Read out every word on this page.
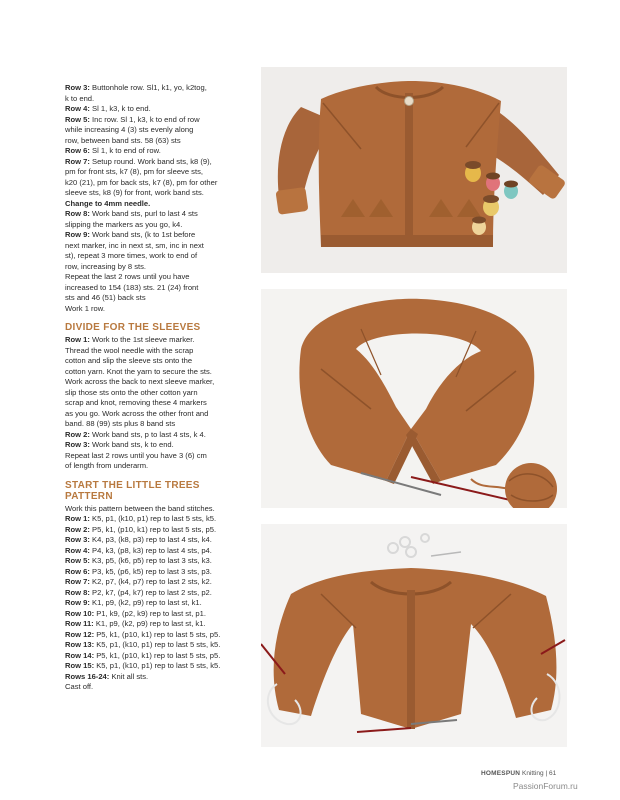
Row 3: Buttonhole row. Sl1, k1, yo, k2tog,
k to end.
Row 4: Sl 1, k3, k to end.
Row 5: Inc row. Sl 1, k3, k to end of row
while increasing 4 (3) sts evenly along
row, between band sts. 58 (63) sts
Row 6: Sl 1, k to end of row.
Row 7: Setup round. Work band sts, k8 (9),
pm for front sts, k7 (8), pm for sleeve sts,
k20 (21), pm for back sts, k7 (8), pm for other
sleeve sts, k8 (9) for front, work band sts.
Change to 4mm needle.
Row 8: Work band sts, purl to last 4 sts
slipping the markers as you go, k4.
Row 9: Work band sts, (k to 1st before
next marker, inc in next st, sm, inc in next
st), repeat 3 more times, work to end of
row, increasing by 8 sts.
Repeat the last 2 rows until you have
increased to 154 (183) sts. 21 (24) front
sts and 46 (51) back sts
Work 1 row.
DIVIDE FOR THE SLEEVES
Row 1: Work to the 1st sleeve marker.
Thread the wool needle with the scrap
cotton and slip the sleeve sts onto the
cotton yarn. Knot the yarn to secure the sts.
Work across the back to next sleeve marker,
slip those sts onto the other cotton yarn
scrap and knot, removing these 4 markers
as you go. Work across the other front and
band. 88 (99) sts plus 8 band sts
Row 2: Work band sts, p to last 4 sts, k 4.
Row 3: Work band sts, k to end.
Repeat last 2 rows until you have 3 (6) cm
of length from underarm.
START THE LITTLE TREES
PATTERN
Work this pattern between the band stitches.
Row 1: K5, p1, (k10, p1) rep to last 5 sts, k5.
Row 2: P5, k1, (p10, k1) rep to last 5 sts, p5.
Row 3: K4, p3, (k8, p3) rep to last 4 sts, k4.
Row 4: P4, k3, (p8, k3) rep to last 4 sts, p4.
Row 5: K3, p5, (k6, p5) rep to last 3 sts, k3.
Row 6: P3, k5, (p6, k5) rep to last 3 sts, p3.
Row 7: K2, p7, (k4, p7) rep to last 2 sts, k2.
Row 8: P2, k7, (p4, k7) rep to last 2 sts, p2.
Row 9: K1, p9, (k2, p9) rep to last st, k1.
Row 10: P1, k9, (p2, k9) rep to last st, p1.
Row 11: K1, p9, (k2, p9) rep to last st, k1.
Row 12: P5, k1, (p10, k1) rep to last 5 sts, p5.
Row 13: K5, p1, (k10, p1) rep to last 5 sts, k5.
Row 14: P5, k1, (p10, k1) rep to last 5 sts, p5.
Row 15: K5, p1, (k10, p1) rep to last 5 sts, k5.
Rows 16-24: Knit all sts.
Cast off.
HOMESPUN Knitting | 61
PassionForum.ru
